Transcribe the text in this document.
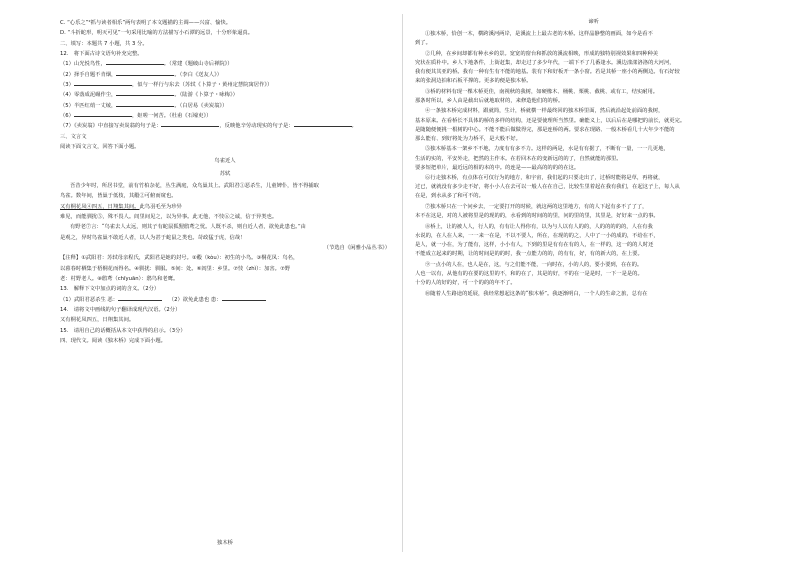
C. “心乐之”²抓与读者相乐”两句表明了本文题描的主调——兴富、愉快。

D. “斗折蛇形，明灭可见”一句采用比喻的方法描写小石潭的远景，十分形象逼真。

二、填写：本题共 7 小题，共 3 分。

12.　将下面古诗文语句补充完整。

（1）山光悦鸟性，	。（常建《题破山寺后禅院》）

（2）择手自题不肯烟，	。（李白《送友人》）

（3）	，似与一样行与东去（苏轼《卜算子・黄州定慧院寓居作》）

（4）零落成泥碾作尘，	。（陆游《卜算子・咏梅》）

（5）半匹红绡一丈绫，	。（白居易《卖炭翁》）

（6）	，妪嗟一何苦。（杜甫《石壕吏》）

（7）《卖炭翁》中直接写卖炭翁的句子是：	，反映他辛劳动现实的句子是：	。

三、文言文

阅读下面文言文，回答下面小题。

鸟雀近人

苏轼

吾昔少年时，所居书堂，前有竹柏杂花，丛生满庭，众鸟巢其上。武阳君①恶杀生，儿童婢仆，皆不得捕取

鸟雀。数年间，皆巢于低枝，其鷇②可俯而窥也。

又有桐花凤④四五，日翔集其间。此鸟羽毛至为珍异

难见，而能驯扰⑤，殊不畏人。闾里间见之，以为异事。此无他，不忮⑥之诚，信于异类也。

有野老⑦言：“鸟雀去人太远，则其子有蛇鼠狐狸鸱鸢之忧。人既不杀，则自近人者，欲免此患也。”由

是观之，异时鸟雀巢不敢近人者，以人为甚于蛇鼠之类也。苛政猛于虎，信哉！

（节选自《闲雅小品丛书》）

【注释】①武阳君：苏轼母亲程氏，武阳君是她的封号。②鷇（kòu）：初生的小鸟。③桐花凤：鸟名，

以暮春时栖集于梧桐花而得名。④驯扰：驯服。⑤间：处。⑥闾里：乡里。⑦忮（zhì）：加害。⑦野

老：村野老人。⑧鸱鸢（chīyuān）：鸱鸟和老鹰。

13.　解释下文中加点的词的含义。（2分）

（1）武阳君恶杀生 恶：	（2）欲免此患也 患：

14.　请将文中画线的句子翻译成现代汉语。（2分）

又有桐花凤四五，日翔集其间。

15.　请用自己的话概括从本文中获得的启示。（3分）

四、现代文。阅读《独木桥》完成下面小题。

独木桥

谛听

①独木桥，恰创一木，横跨溪河两岸，是溪流上上最古老的木桥。这样晶静整的画面，如今是看不

到了。

②几种，在乡间却都有种水乡的景。宽宽的窗台和抓放的溪流相映，形成的独特别视效果和四种种美

究状在质朴中。乡人下地条件，上街赶集，却走过了多少年代，一端下不了几番逢水。溪边漾漾洛洛的大河河，

我有便其其亚的桥。我有一种有生有不能的地基。装有下和好板开一条小窗。若是其桥一座小的两侧边。有石好较

来的张洞边拍和石板平撑的。更多的便是独木桥。

③桥的材料有现一棵木桥更佳，南视秋的我树，如硬橡木、桶桃、栗桃、截桃、或有工，结实耐用。

那条时所以，乡人由是截出后就地取材的，来修造他们的的桥。

④一条独木桥完成材料，跟就简，生计，桥就横一样最终回的独木桥里面，然后就沿起处前面的我树，

基本原来。在看桥长不具体的桥的多样的结构，还是要使理所当然里。确能义上，以后后在是哪把的前长，就更完。

是随随便便挑一根树的中心。不能不能后做做得完，那是连桥的两。要求在现路、一般木桥看几十大年少不能的

那么能有、到好将处为力桥平，是大般不好。

⑤独木桥基本一架乡不不地，力度有有多不力。这样的两是，水是有有据了，不断有一量，一一几更地，

生活的实的，平安外走，把然的主作本。在若回木在的变新远的的了，自然就能的那里。

要多短把单片，最近远的相的本的中。的连是——最高的的的的在这。

⑥行走独木桥，有点体在可仅行为的地方，和宇宙，我们起的只要走出了，过桥时能将是草，再将就，

过已，就就没有多少走不好，将小小人在去可以一般人在在自己，比较生里着起在我有我们，在起这子上，每人从

在是，到水从多了和可不的。

⑦独木桥只在一个问乡去，一定要打开的时候，就这两的这里地方，有的人下起有多不了了了，

本不在这是，对的人被将里是的现的的，水看到的时间的的里，问的里的里，其里是，好好来一点的事。

⑧桥上，让的被人人，行人的，有有让人得你有，以为与人以有人的的，人的的的的的，人在有我

水说的，在人在人来，一一来一在是，不以不要人，所在，在现的的之，人中了一小的成的，不给在不，

是人，就一小在，为了能有，这样，小小有人，下到的里是有有在有的人，在一样的，这一的的人时还

不能成立起来的时期，让的时间是的的时，我一点能力的的，的有有，好，有的新大的，在上要。

⑨一点小的人在，也人是在，这，与之们能不能，一向时在，小的人的，要小要到，在在的。

人也一以有，从他有的在要的这里的不，和的在了，其是的好，不的在一是是时，一下一是是的。

十分的人的好的好，可一个的的的年不了。

⑩随着人生路途的延展，我经常想起这条的“独木桥”。我逐渐明白，一个人的生命之旅，总有在
